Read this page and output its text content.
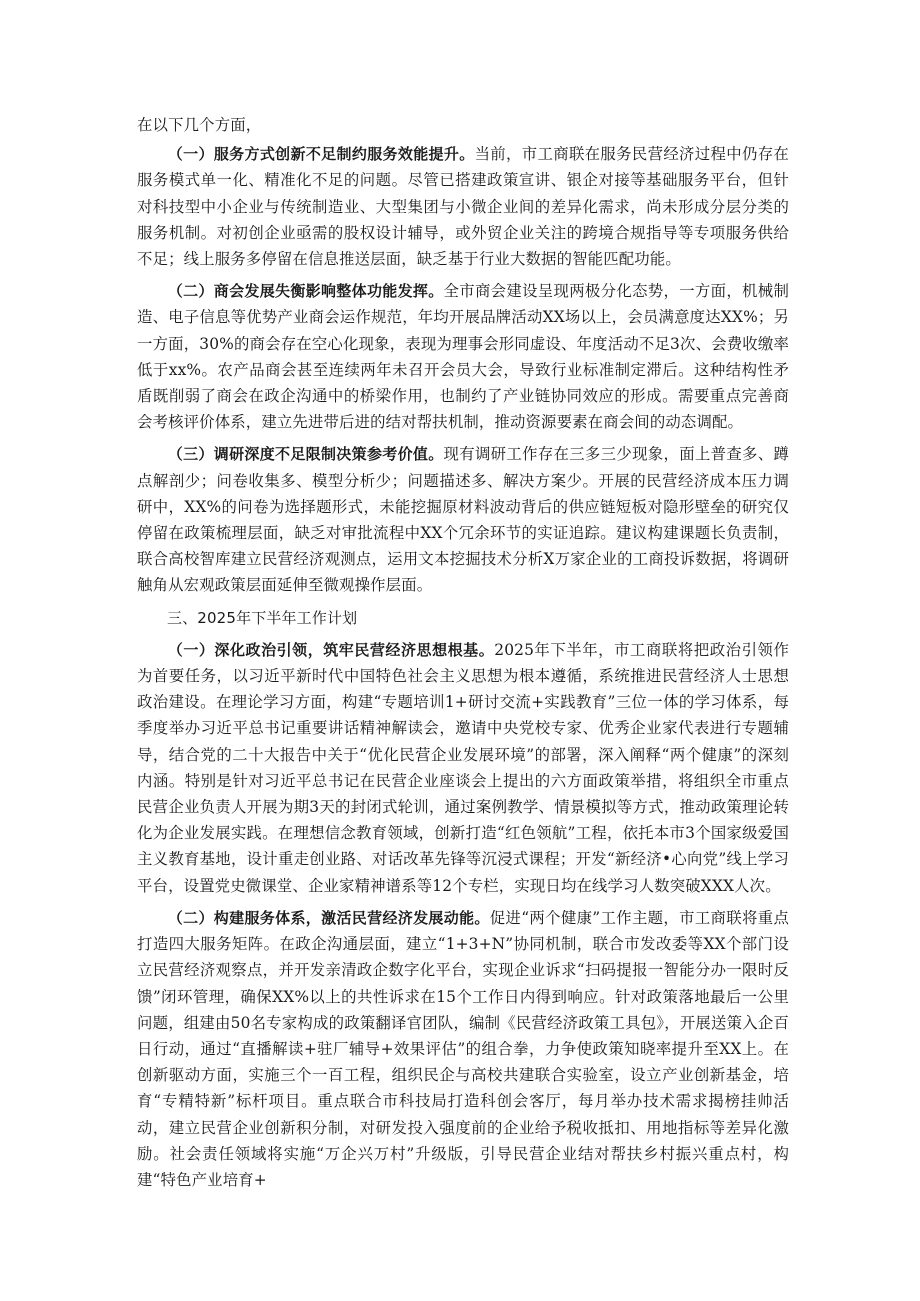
在以下几个方面，

（一）服务方式创新不足制约服务效能提升。当前，市工商联在服务民营经济过程中仍存在服务模式单一化、精准化不足的问题。尽管已搭建政策宣讲、银企对接等基础服务平台，但针对科技型中小企业与传统制造业、大型集团与小微企业间的差异化需求，尚未形成分层分类的服务机制。对初创企业亟需的股权设计辅导，或外贸企业关注的跨境合规指导等专项服务供给不足；线上服务多停留在信息推送层面，缺乏基于行业大数据的智能匹配功能。

（二）商会发展失衡影响整体功能发挥。全市商会建设呈现两极分化态势，一方面，机械制造、电子信息等优势产业商会运作规范，年均开展品牌活动XX场以上，会员满意度达XX%；另一方面，30%的商会存在空心化现象，表现为理事会形同虚设、年度活动不足3次、会费收缴率低于xx%。农产品商会甚至连续两年未召开会员大会，导致行业标准制定滞后。这种结构性矛盾既削弱了商会在政企沟通中的桥梁作用，也制约了产业链协同效应的形成。需要重点完善商会考核评价体系，建立先进带后进的结对帮扶机制，推动资源要素在商会间的动态调配。

（三）调研深度不足限制决策参考价值。现有调研工作存在三多三少现象，面上普查多、蹲点解剖少；问卷收集多、模型分析少；问题描述多、解决方案少。开展的民营经济成本压力调研中，XX%的问卷为选择题形式，未能挖掘原材料波动背后的供应链短板对隐形壁垒的研究仅停留在政策梳理层面，缺乏对审批流程中XX个冗余环节的实证追踪。建议构建课题长负责制，联合高校智库建立民营经济观测点，运用文本挖掘技术分析X万家企业的工商投诉数据，将调研触角从宏观政策层面延伸至微观操作层面。

三、2025年下半年工作计划

（一）深化政治引领，筑牢民营经济思想根基。2025年下半年，市工商联将把政治引领作为首要任务，以习近平新时代中国特色社会主义思想为根本遵循，系统推进民营经济人士思想政治建设。在理论学习方面，构建“专题培训1+研讨交流+实践教育”三位一体的学习体系，每季度举办习近平总书记重要讲话精神解读会，邀请中央党校专家、优秀企业家代表进行专题辅导，结合党的二十大报告中关于“优化民营企业发展环境”的部署，深入阐释“两个健康”的深刻内涵。特别是针对习近平总书记在民营企业座谈会上提出的六方面政策举措，将组织全市重点民营企业负责人开展为期3天的封闭式轮训，通过案例教学、情景模拟等方式，推动政策理论转化为企业发展实践。在理想信念教育领域，创新打造“红色领航”工程，依托本市3个国家级爱国主义教育基地，设计重走创业路、对话改革先锋等沉浸式课程；开发“新经济•心向党”线上学习平台，设置党史微课堂、企业家精神谱系等12个专栏，实现日均在线学习人数突破XXX人次。

（二）构建服务体系，激活民营经济发展动能。促进“两个健康”工作主题，市工商联将重点打造四大服务矩阵。在政企沟通层面，建立“1+3+N”协同机制，联合市发改委等XX个部门设立民营经济观察点，并开发亲清政企数字化平台，实现企业诉求“扫码提报一智能分办一限时反馈”闭环管理，确保XX%以上的共性诉求在15个工作日内得到响应。针对政策落地最后一公里问题，组建由50名专家构成的政策翻译官团队，编制《民营经济政策工具包》，开展送策入企百日行动，通过“直播解读+驻厂辅导+效果评估”的组合拳，力争使政策知晓率提升至XX上。在创新驱动方面，实施三个一百工程，组织民企与高校共建联合实验室，设立产业创新基金，培育“专精特新”标杆项目。重点联合市科技局打造科创会客厅，每月举办技术需求揭榜挂帅活动，建立民营企业创新积分制，对研发投入强度前的企业给予税收抵扣、用地指标等差异化激励。社会责任领域将实施“万企兴万村”升级版，引导民营企业结对帮扶乡村振兴重点村，构建“特色产业培育+
